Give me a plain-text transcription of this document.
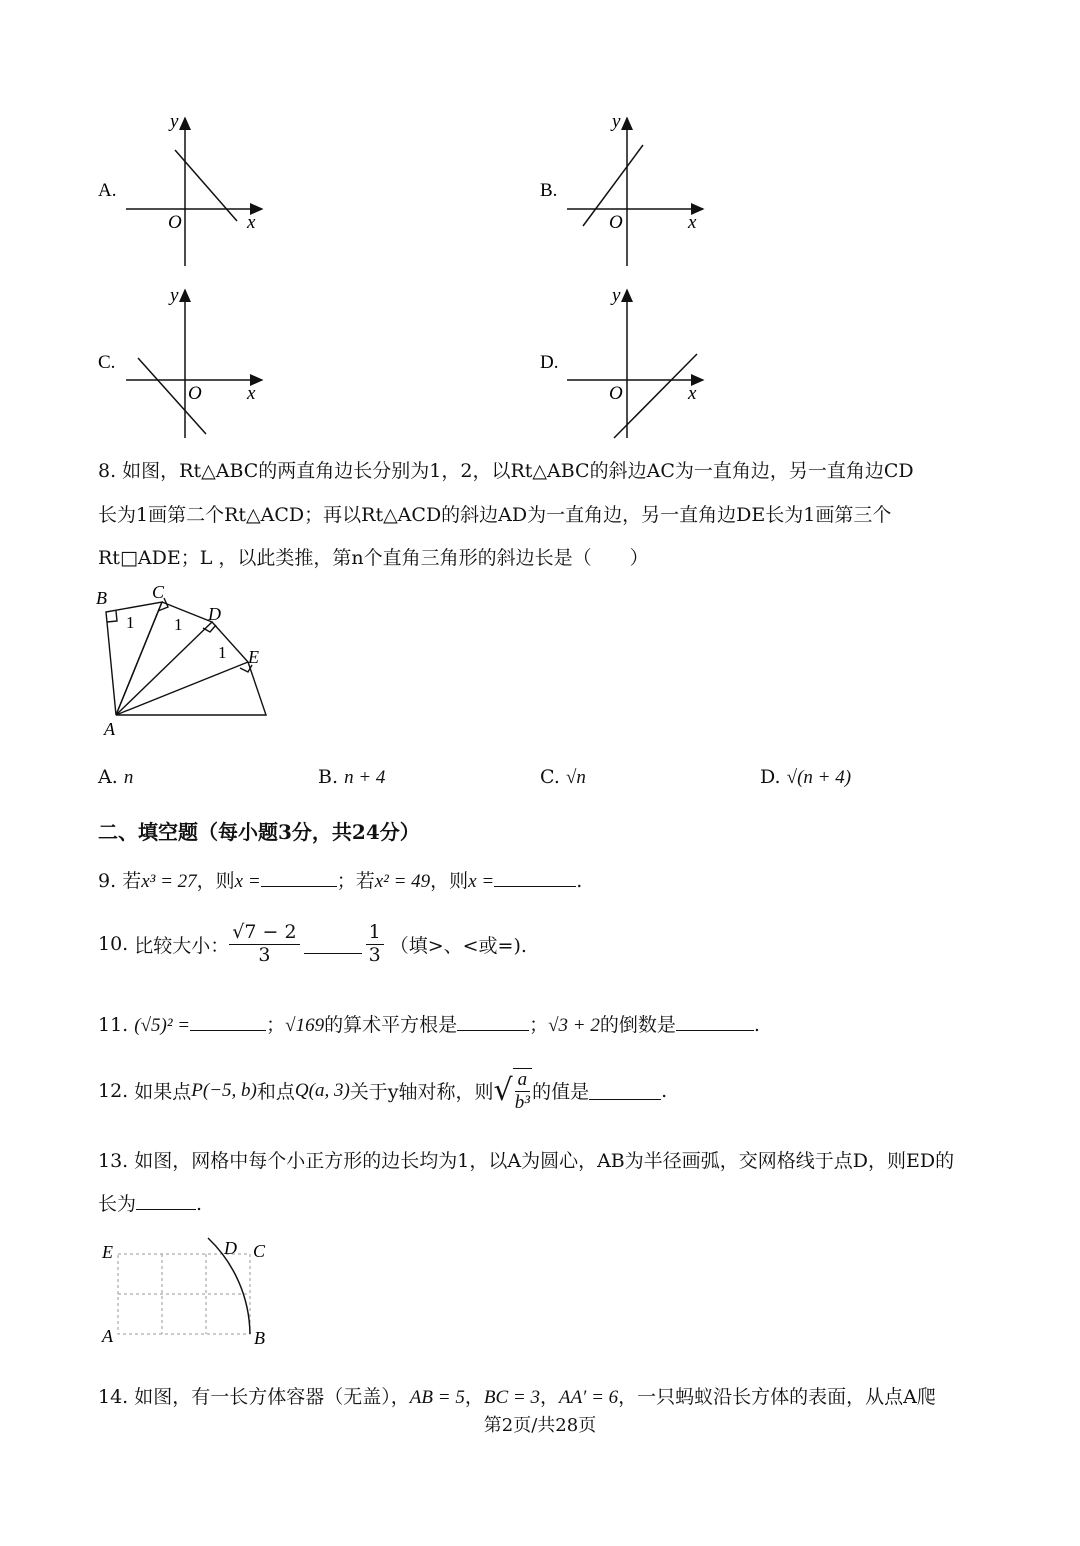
A.
y
O	x
B.
y
O	x
C.
y
O x
D.
y
O	x
8. 如图，Rt△ABC的两直角边长分别为1，2，以Rt△ABC的斜边AC为一直角边，另一直角边CD
长为1画第二个Rt△ACD；再以Rt△ACD的斜边AD为一直角边，另一直角边DE长为1画第三个
Rt□ADE；L ，以此类推，第n个直角三角形的斜边长是（　　）
B	C
D
E
A
1 1
1
A. n	B. n + 4	C. √n	D. √(n + 4)
二、填空题（每小题3分，共24分）
9. 若x³ = 27，则x =	；若x² = 49，则x =	.
10.
比较大小： $\frac{√7 - 2}{3}$	$\frac{1}{3}$
（填>、<或=).
11. (√5)² =	；√169的算术平方根是	；√3 + 2的倒数是	.
12.
如果点 P(−5, b) 和点 Q(a, 3) 关于y轴对称，则 √ $\frac{a}{\text{b³}}$ 的值是	.
13. 如图，网格中每个小正方形的边长均为1，以A为圆心，AB为半径画弧，交网格线于点D，则ED的
长为	.
E	D C
A	B
14. 如图，有一长方体容器（无盖），AB = 5，BC = 3，AA′ = 6，一只蚂蚁沿长方体的表面，从点A爬
第2页/共28页
